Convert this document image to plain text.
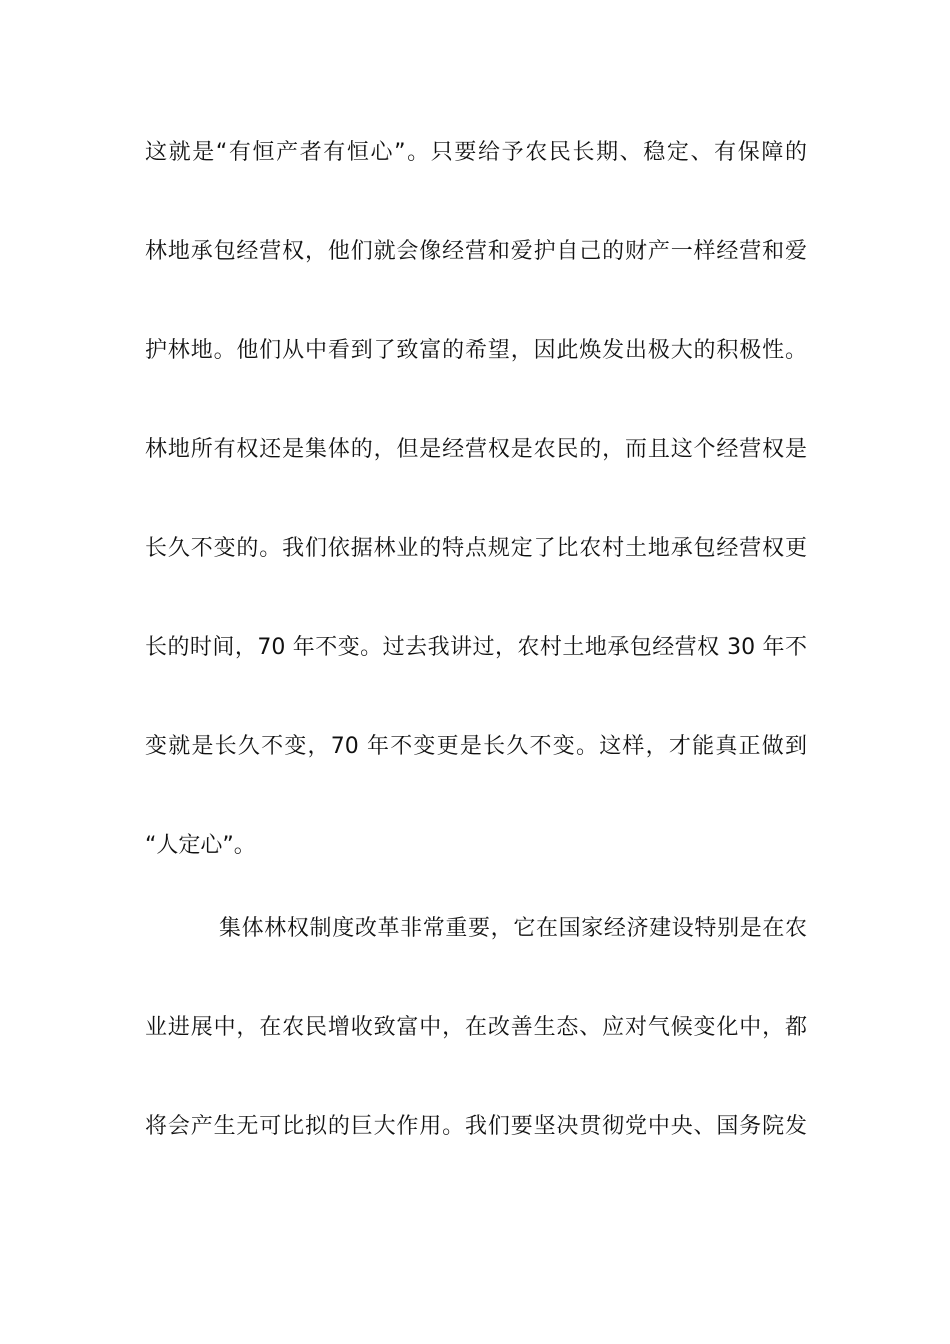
这就是“有恒产者有恒心”。只要给予农民长期、稳定、有保障的
林地承包经营权，他们就会像经营和爱护自己的财产一样经营和爱
护林地。他们从中看到了致富的希望，因此焕发出极大的积极性。
林地所有权还是集体的，但是经营权是农民的，而且这个经营权是
长久不变的。我们依据林业的特点规定了比农村土地承包经营权更
长的时间，70 年不变。过去我讲过，农村土地承包经营权 30 年不
变就是长久不变，70 年不变更是长久不变。这样，才能真正做到
“人定心”。
集体林权制度改革非常重要，它在国家经济建设特别是在农
业进展中，在农民增收致富中，在改善生态、应对气候变化中，都
将会产生无可比拟的巨大作用。我们要坚决贯彻党中央、国务院发
